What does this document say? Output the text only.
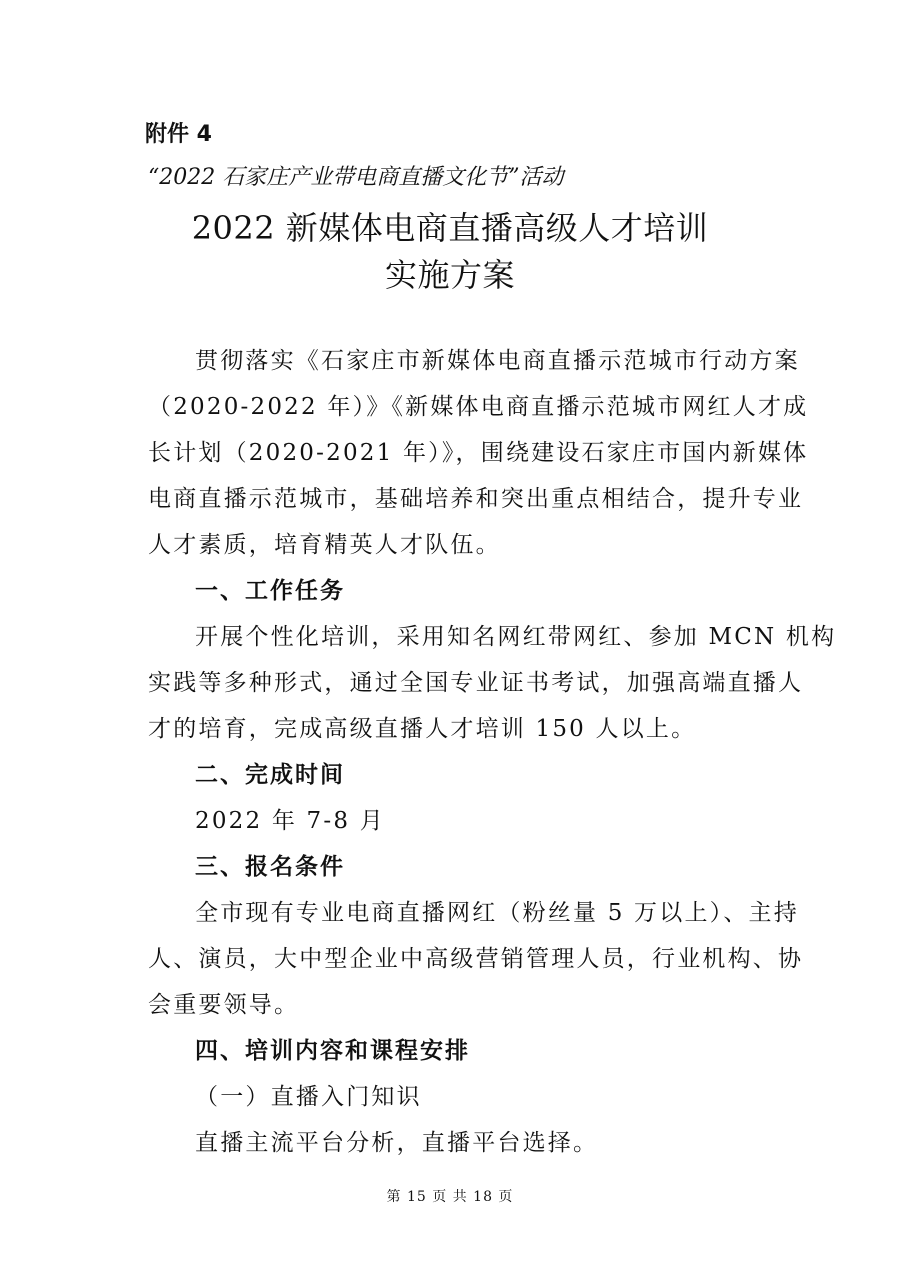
附件 4
“2022 石家庄产业带电商直播文化节”活动
2022 新媒体电商直播高级人才培训
实施方案
贯彻落实《石家庄市新媒体电商直播示范城市行动方案
（2020-2022 年）》《新媒体电商直播示范城市网红人才成
长计划（2020-2021 年）》，围绕建设石家庄市国内新媒体
电商直播示范城市，基础培养和突出重点相结合，提升专业
人才素质，培育精英人才队伍。
一、工作任务
开展个性化培训，采用知名网红带网红、参加 MCN 机构
实践等多种形式，通过全国专业证书考试，加强高端直播人
才的培育，完成高级直播人才培训 150 人以上。
二、完成时间
2022 年 7-8 月
三、报名条件
全市现有专业电商直播网红（粉丝量 5 万以上）、主持
人、演员，大中型企业中高级营销管理人员，行业机构、协
会重要领导。
四、培训内容和课程安排
（一）直播入门知识
直播主流平台分析，直播平台选择。
第 15 页 共 18 页
